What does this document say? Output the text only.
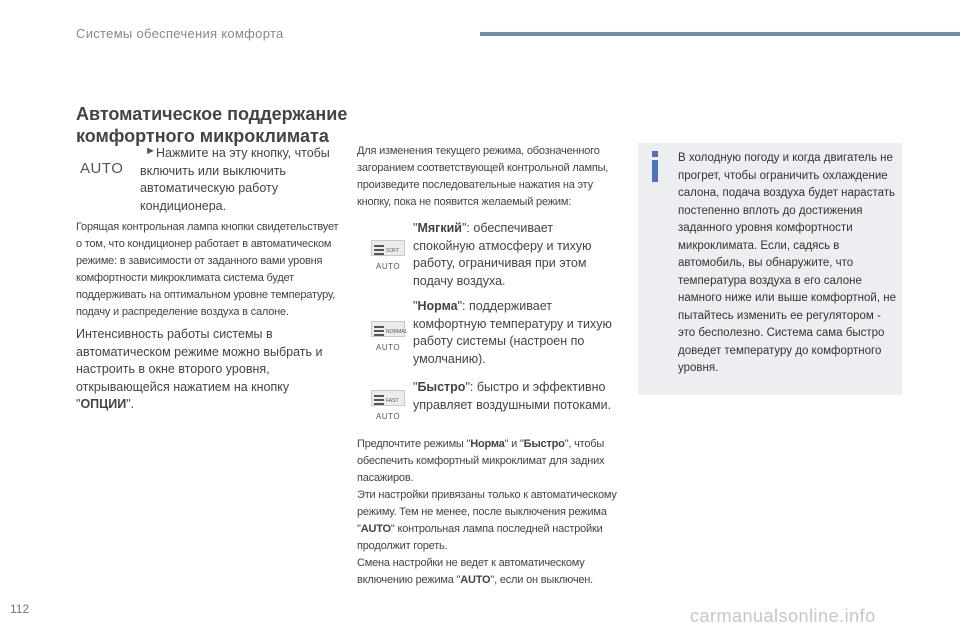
Системы обеспечения комфорта
Автоматическое поддержание
комфортного микроклимата
AUTO
► Нажмите на эту кнопку, чтобы включить или выключить автоматическую работу кондиционера.
Горящая контрольная лампа кнопки свидетельствует о том, что кондиционер работает в автоматическом режиме: в зависимости от заданного вами уровня комфортности микроклимата система будет поддерживать на оптимальном уровне температуру, подачу и распределение воздуха в салоне.
Интенсивность работы системы в автоматическом режиме можно выбрать и настроить в окне второго уровня, открывающейся нажатием на кнопку "ОПЦИИ".
Для изменения текущего режима, обозначенного загоранием соответствующей контрольной лампы, произведите последовательные нажатия на эту кнопку, пока не появится желаемый режим:
SOFT
AUTO
"Мягкий": обеспечивает спокойную атмосферу и тихую работу, ограничивая при этом подачу воздуха.
NORMAL
AUTO
"Норма": поддерживает комфортную температуру и тихую работу системы (настроен по умолчанию).
FAST
AUTO
"Быстро": быстро и эффективно управляет воздушными потоками.
Предпочтите режимы "Норма" и "Быстро", чтобы обеспечить комфортный микроклимат для задних пасажиров.
Эти настройки привязаны только к автоматическому режиму. Тем не менее, после выключения режима "AUTO" контрольная лампа последней настройки продолжит гореть.
Смена настройки не ведет к автоматическому включению режима "AUTO", если он выключен.
В холодную погоду и когда двигатель не прогрет, чтобы ограничить охлаждение салона, подача воздуха будет нарастать постепенно вплоть до достижения заданного уровня комфортности микроклимата. Если, садясь в автомобиль, вы обнаружите, что температура воздуха в его салоне намного ниже или выше комфортной, не пытайтесь изменить ее регулятором - это бесполезно. Система сама быстро доведет температуру до комфортного уровня.
112	carmanualsonline.info
